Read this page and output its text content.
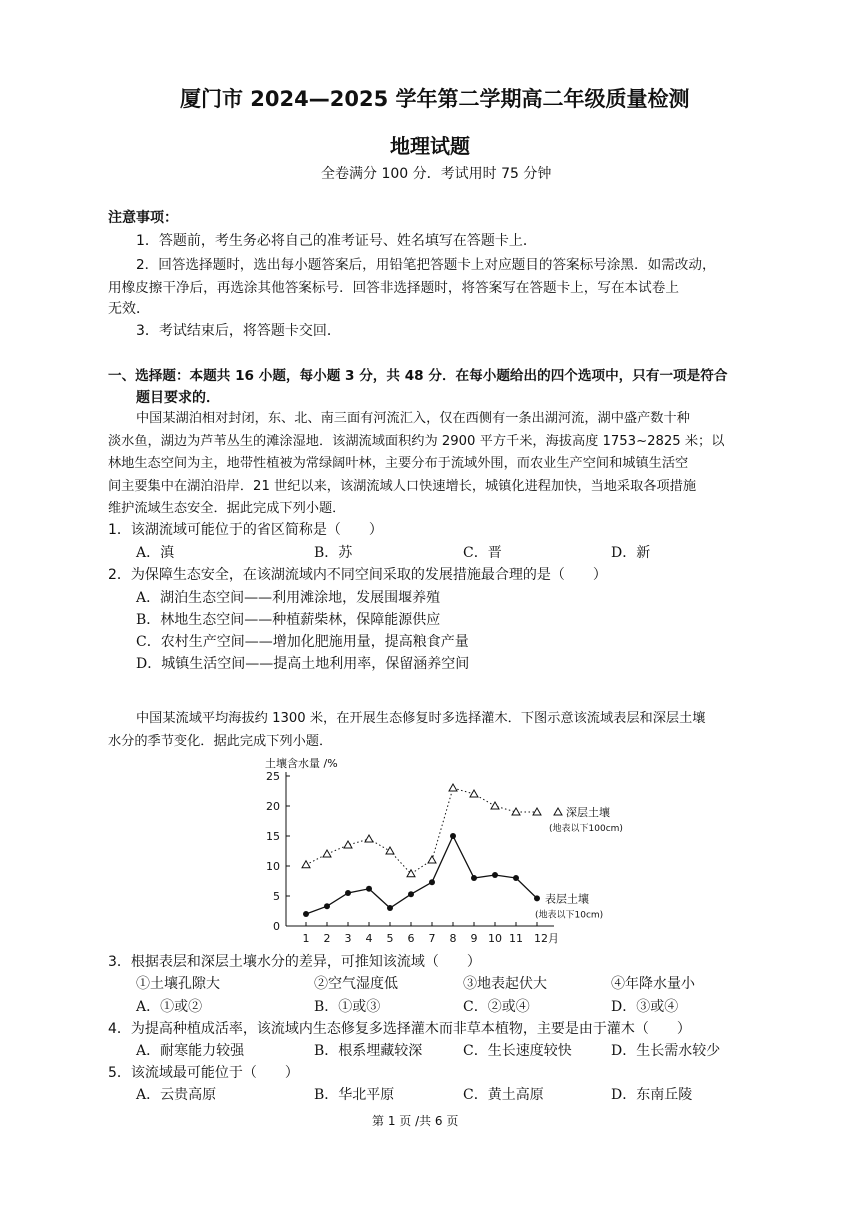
厦门市 2024—2025 学年第二学期高二年级质量检测
地理试题
全卷满分 100 分．考试用时 75 分钟
注意事项：
1．答题前，考生务必将自己的准考证号、姓名填写在答题卡上．
2．回答选择题时，选出每小题答案后，用铅笔把答题卡上对应题目的答案标号涂黑．如需改动，
用橡皮擦干净后，再选涂其他答案标号．回答非选择题时，将答案写在答题卡上，写在本试卷上
无效．
3．考试结束后，将答题卡交回．
一、选择题：本题共 16 小题，每小题 3 分，共 48 分．在每小题给出的四个选项中，只有一项是符合
题目要求的．
中国某湖泊相对封闭，东、北、南三面有河流汇入，仅在西侧有一条出湖河流，湖中盛产数十种
淡水鱼，湖边为芦苇丛生的滩涂湿地．该湖流域面积约为 2900 平方千米，海拔高度 1753~2825 米；以
林地生态空间为主，地带性植被为常绿阔叶林，主要分布于流域外围，而农业生产空间和城镇生活空
间主要集中在湖泊沿岸．21 世纪以来，该湖流域人口快速增长，城镇化进程加快，当地采取各项措施
维护流域生态安全．据此完成下列小题．
1．该湖流域可能位于的省区简称是（　　）
A．滇	B．苏	C．晋	D．新
2．为保障生态安全，在该湖流域内不同空间采取的发展措施最合理的是（　　）
A．湖泊生态空间——利用滩涂地，发展围堰养殖
B．林地生态空间——种植薪柴林，保障能源供应
C．农村生产空间——增加化肥施用量，提高粮食产量
D．城镇生活空间——提高土地利用率，保留涵养空间
中国某流域平均海拔约 1300 米，在开展生态修复时多选择灌木．下图示意该流域表层和深层土壤
水分的季节变化．据此完成下列小题．
土壤含水量 /%
0
5
10
15
20
25
1 2 3 4 5 6 7 8 9 10 11 12月
深层土壤
(地表以下100cm)
表层土壤
(地表以下10cm)
3．根据表层和深层土壤水分的差异，可推知该流域（　　）
①土壤孔隙大	②空气湿度低	③地表起伏大	④年降水量小
A．①或②	B．①或③	C．②或④	D．③或④
4．为提高种植成活率，该流域内生态修复多选择灌木而非草本植物，主要是由于灌木（　　）
A．耐寒能力较强	B．根系埋藏较深	C．生长速度较快	D．生长需水较少
5．该流域最可能位于（　　）
A．云贵高原	B．华北平原	C．黄土高原	D．东南丘陵
第 1 页 /共 6 页
